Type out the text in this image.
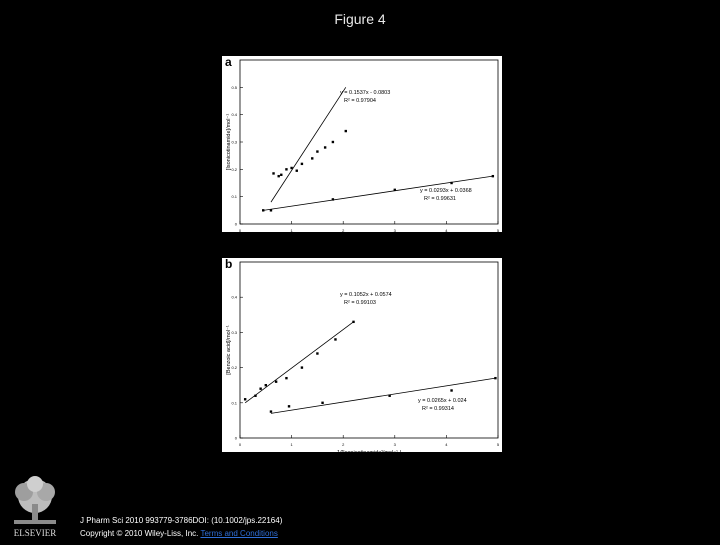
Figure 4
a
0	1	2	3	4	5
0
0.1
0.2
0.3
0.4
0.5
1/[Benzoic acid]/mol⁻¹·l
[Isonicotinamide]/mol⁻¹
y = 0.1537x - 0.0803
R² = 0.97904
y = 0.0293x + 0.0368
R² = 0.99631
b
0	1	2	3	4	5
0
0.1
0.2
0.3
0.4
1/[Isonicotinamide]/mol⁻¹·l
[Benzoic acid]/mol⁻¹
y = 0.1052x + 0.0574
R² = 0.99103
y = 0.0265x + 0.024
R² = 0.99314
ELSEVIER
J Pharm Sci 2010 993779-3786DOI: (10.1002/jps.22164)
Copyright © 2010 Wiley-Liss, Inc. Terms and Conditions
